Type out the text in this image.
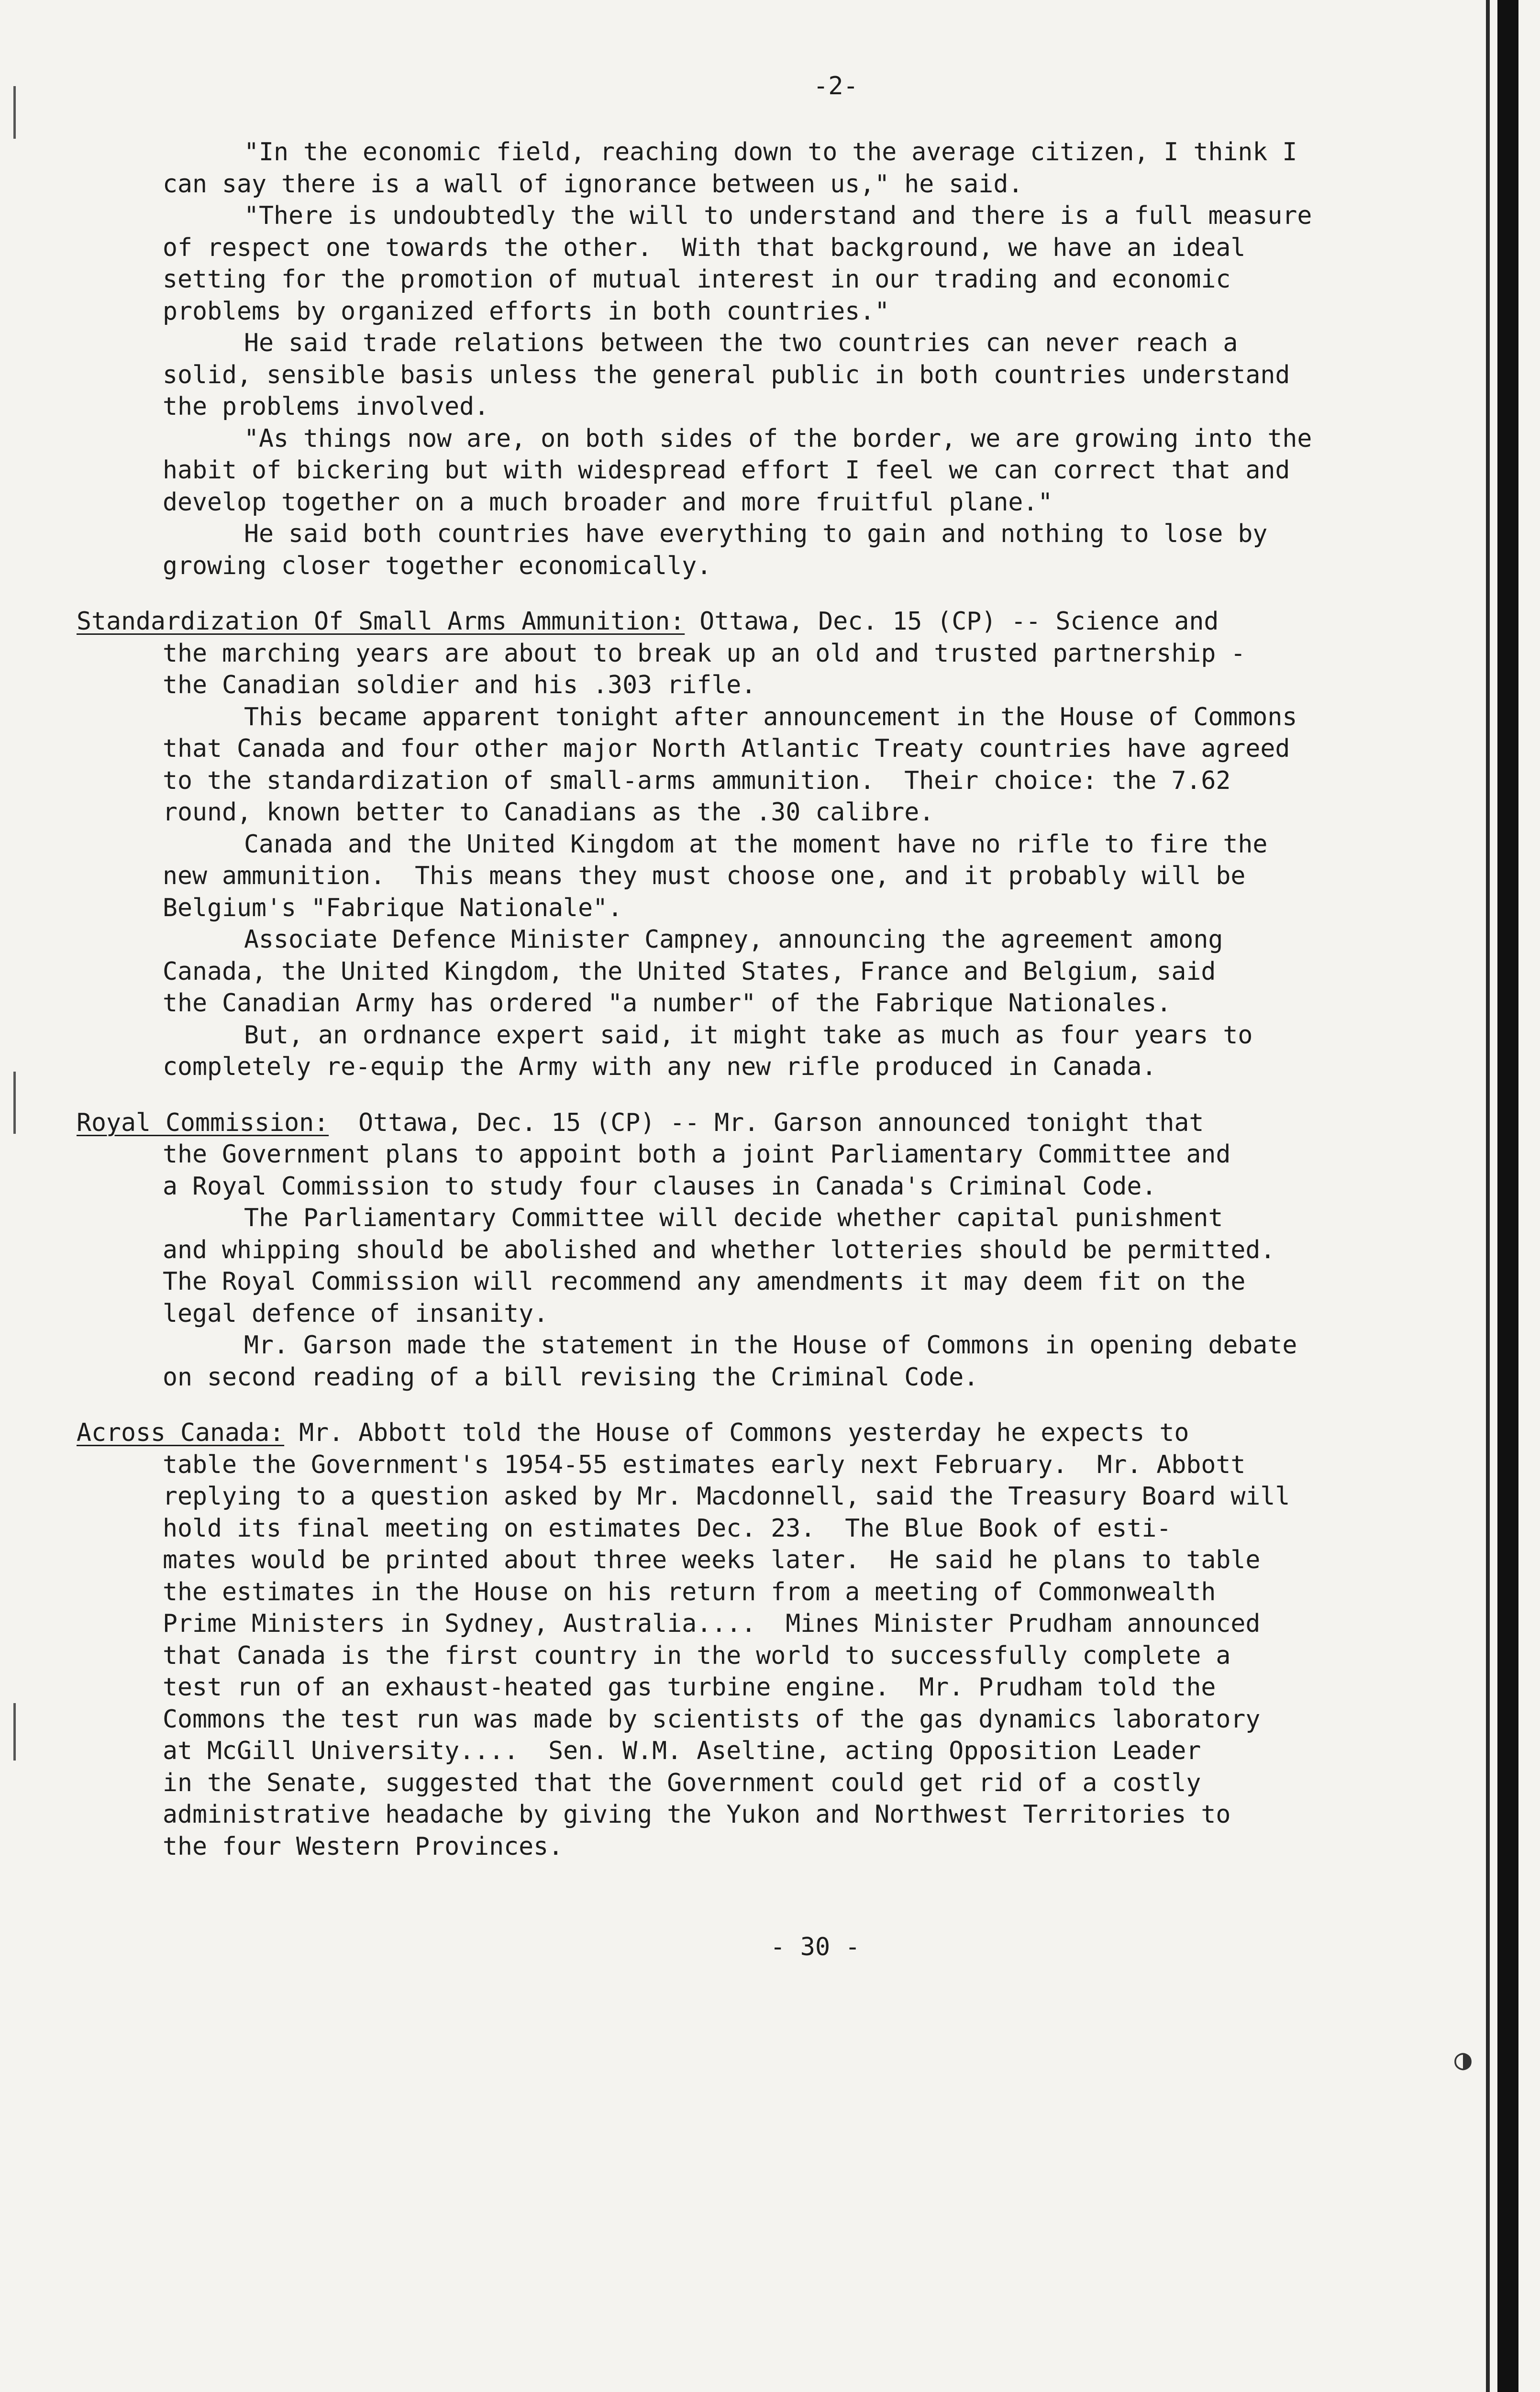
-2-
"In the economic field, reaching down to the average citizen, I think I
can say there is a wall of ignorance between us," he said.
"There is undoubtedly the will to understand and there is a full measure
of respect one towards the other.  With that background, we have an ideal
setting for the promotion of mutual interest in our trading and economic
problems by organized efforts in both countries."
He said trade relations between the two countries can never reach a
solid, sensible basis unless the general public in both countries understand
the problems involved.
"As things now are, on both sides of the border, we are growing into the
habit of bickering but with widespread effort I feel we can correct that and
develop together on a much broader and more fruitful plane."
He said both countries have everything to gain and nothing to lose by
growing closer together economically.
Standardization Of Small Arms Ammunition: Ottawa, Dec. 15 (CP) -- Science and
the marching years are about to break up an old and trusted partnership -
the Canadian soldier and his .303 rifle.
This became apparent tonight after announcement in the House of Commons
that Canada and four other major North Atlantic Treaty countries have agreed
to the standardization of small-arms ammunition.  Their choice: the 7.62
round, known better to Canadians as the .30 calibre.
Canada and the United Kingdom at the moment have no rifle to fire the
new ammunition.  This means they must choose one, and it probably will be
Belgium's "Fabrique Nationale".
Associate Defence Minister Campney, announcing the agreement among
Canada, the United Kingdom, the United States, France and Belgium, said
the Canadian Army has ordered "a number" of the Fabrique Nationales.
But, an ordnance expert said, it might take as much as four years to
completely re-equip the Army with any new rifle produced in Canada.
Royal Commission:  Ottawa, Dec. 15 (CP) -- Mr. Garson announced tonight that
the Government plans to appoint both a joint Parliamentary Committee and
a Royal Commission to study four clauses in Canada's Criminal Code.
The Parliamentary Committee will decide whether capital punishment
and whipping should be abolished and whether lotteries should be permitted.
The Royal Commission will recommend any amendments it may deem fit on the
legal defence of insanity.
Mr. Garson made the statement in the House of Commons in opening debate
on second reading of a bill revising the Criminal Code.
Across Canada: Mr. Abbott told the House of Commons yesterday he expects to
table the Government's 1954-55 estimates early next February.  Mr. Abbott
replying to a question asked by Mr. Macdonnell, said the Treasury Board will
hold its final meeting on estimates Dec. 23.  The Blue Book of esti-
mates would be printed about three weeks later.  He said he plans to table
the estimates in the House on his return from a meeting of Commonwealth
Prime Ministers in Sydney, Australia....  Mines Minister Prudham announced
that Canada is the first country in the world to successfully complete a
test run of an exhaust-heated gas turbine engine.  Mr. Prudham told the
Commons the test run was made by scientists of the gas dynamics laboratory
at McGill University....  Sen. W.M. Aseltine, acting Opposition Leader
in the Senate, suggested that the Government could get rid of a costly
administrative headache by giving the Yukon and Northwest Territories to
the four Western Provinces.
- 30 -
◑
